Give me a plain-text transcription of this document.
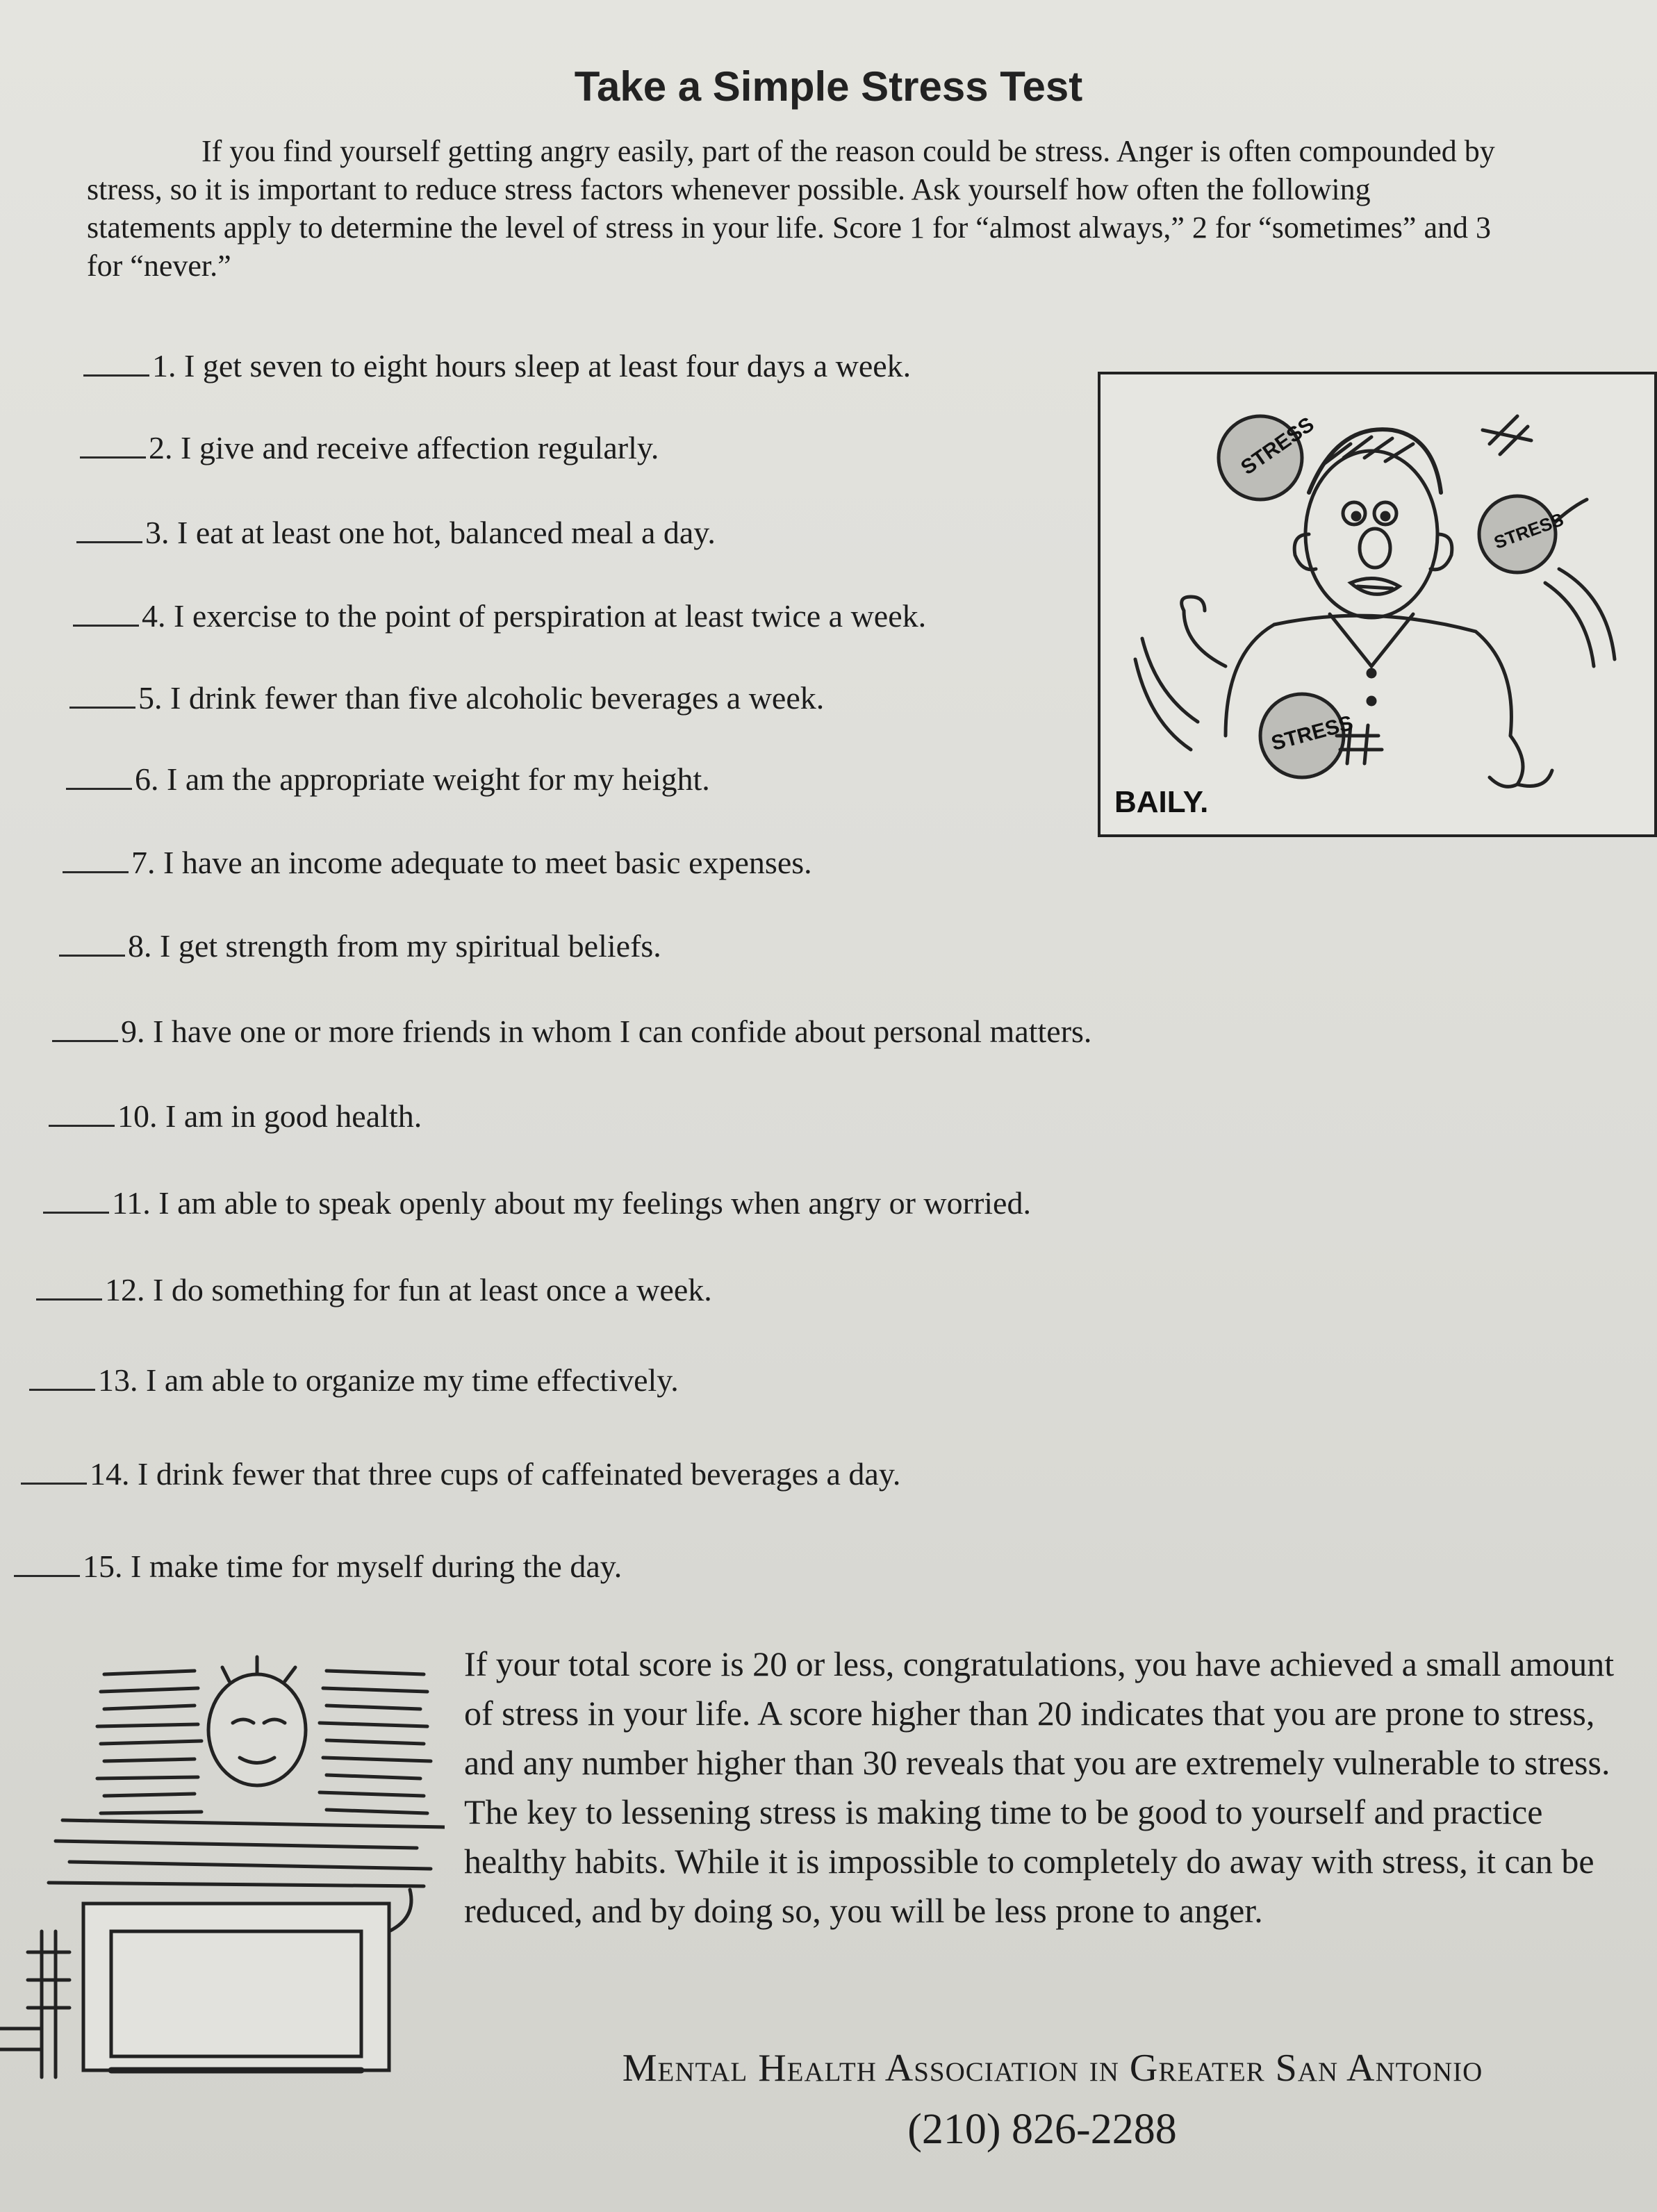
Take a Simple Stress Test
If you find yourself getting angry easily, part of the reason could be stress. Anger is often compounded by stress, so it is important to reduce stress factors whenever possible. Ask yourself how often the following statements apply to determine the level of stress in your life. Score 1 for “almost always,” 2 for “sometimes” and 3 for “never.”
1. I get seven to eight hours sleep at least four days a week.
2. I give and receive affection regularly.
3. I eat at least one hot, balanced meal a day.
4. I exercise to the point of perspiration at least twice a week.
5. I drink fewer than five alcoholic beverages a week.
6. I am the appropriate weight for my height.
7. I have an income adequate to meet basic expenses.
8. I get strength from my spiritual beliefs.
9. I have one or more friends in whom I can confide about personal matters.
10. I am in good health.
11. I am able to speak openly about my feelings when angry or worried.
12. I do something for fun at least once a week.
13. I am able to organize my time effectively.
14. I drink fewer that three cups of caffeinated beverages a day.
15. I make time for myself during the day.
STRESS
STRESS
STRESS
BAILY.
If your total score is 20 or less, congratulations, you have achieved a small amount of stress in your life. A score higher than 20 indicates that you are prone to stress, and any number higher than 30 reveals that you are extremely vulnerable to stress. The key to lessening stress is making time to be good to yourself and practice healthy habits. While it is impossible to completely do away with stress, it can be reduced, and by doing so, you will be less prone to anger.
Mental Health Association in Greater San Antonio
(210) 826-2288
